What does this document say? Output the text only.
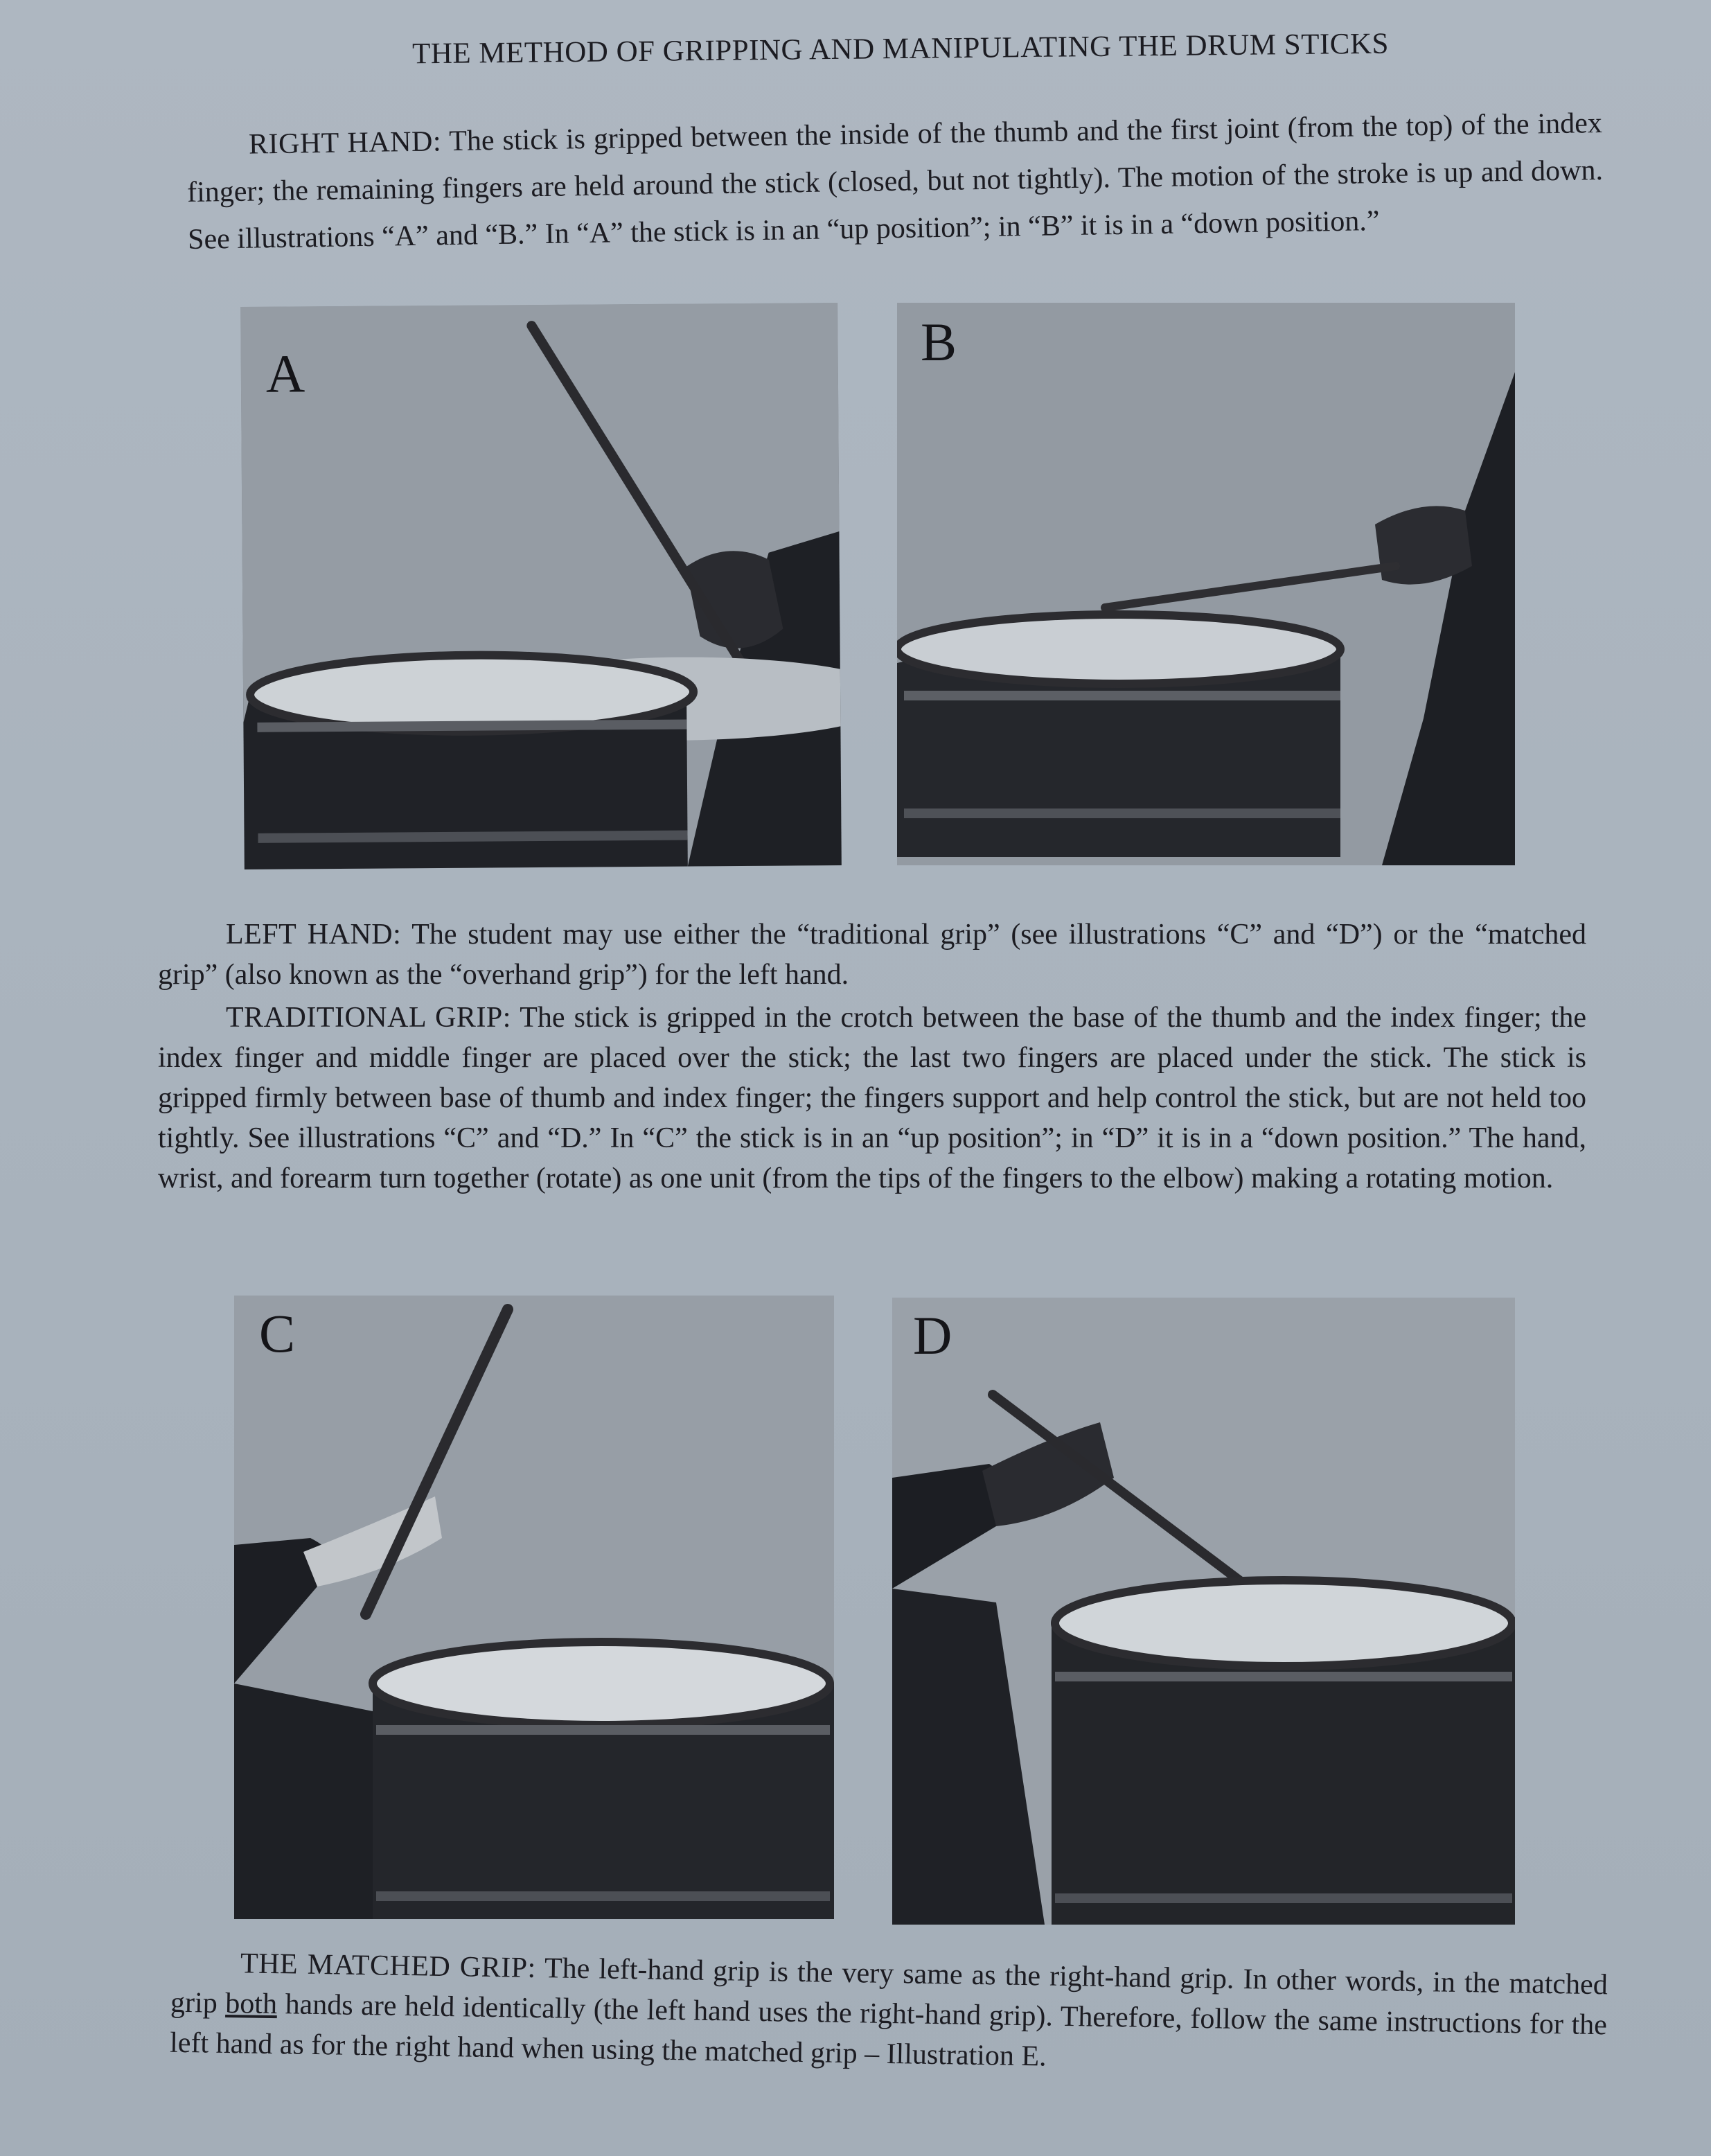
THE METHOD OF GRIPPING AND MANIPULATING THE DRUM STICKS

RIGHT HAND: The stick is gripped between the inside of the thumb and the first joint (from the top) of the index finger; the remaining fingers are held around the stick (closed, but not tightly). The motion of the stroke is up and down. See illustrations “A” and “B.” In “A” the stick is in an “up position”; in “B” it is in a “down position.”

A
B

LEFT HAND: The student may use either the “traditional grip” (see illustrations “C” and “D”) or the “matched grip” (also known as the “overhand grip”) for the left hand.

TRADITIONAL GRIP: The stick is gripped in the crotch between the base of the thumb and the index finger; the index finger and middle finger are placed over the stick; the last two fingers are placed under the stick. The stick is gripped firmly between base of thumb and index finger; the fingers support and help control the stick, but are not held too tightly. See illustrations “C” and “D.” In “C” the stick is in an “up position”; in “D” it is in a “down position.” The hand, wrist, and forearm turn together (rotate) as one unit (from the tips of the fingers to the elbow) making a rotating motion.

C	D

THE MATCHED GRIP: The left-hand grip is the very same as the right-hand grip. In other words, in the matched grip both hands are held identically (the left hand uses the right-hand grip). Therefore, follow the same instructions for the left hand as for the right hand when using the matched grip – Illustration E.
